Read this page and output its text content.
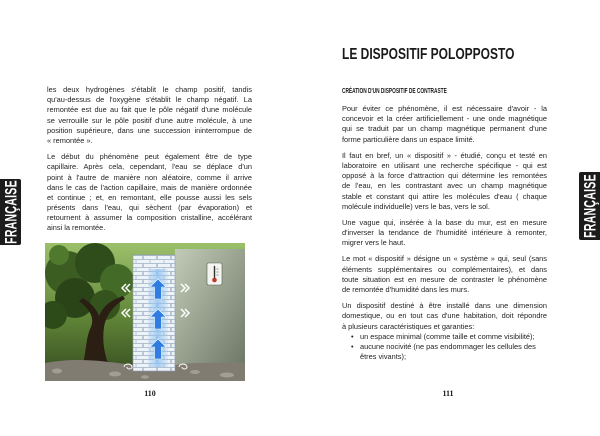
FRANÇAISE
les deux hydrogènes s'établit le champ positif, tandis
qu'au-dessus de l'oxygène s'établit le champ négatif. La
remontée est due au fait que le pôle négatif d'une molécule
se verrouille sur le pôle positif d'une autre molécule, à une
position supérieure, dans une succession ininterrompue de
« remontée ».
Le début du phénomène peut également être de type
capillaire. Après cela, cependant, l'eau se déplace d'un
point à l'autre de manière non aléatoire, comme il arrive
dans le cas de l'action capillaire, mais de manière ordonnée
et continue ; et, en remontant, elle pousse aussi les sels
présents dans l'eau, qui sèchent (par évaporation) et
retournent à assumer la composition cristalline, accélérant
ainsi la remontée.
110
LE DISPOSITIF POLOPPOSTO
CRÉATION D'UN DISPOSITIF DE CONTRASTE
Pour éviter ce phénomène, il est nécessaire d'avoir - la
concevoir et la créer artificiellement - une onde magnétique
qui se traduit par un champ magnétique permanent d'une
forme particulière dans un espace limité.
Il faut en bref, un « dispositif » - étudié, conçu et testé en
laboratoire en utilisant une recherche spécifique - qui est
opposé à la force d'attraction qui détermine les remontées
de l'eau, en les contrastant avec un champ magnétique
stable et constant qui attire les molécules d'eau ( chaque
molécule individuelle) vers le bas, vers le sol.
Une vague qui, insérée à la base du mur, est en mesure
d'inverser la tendance de l'humidité intérieure à remonter,
migrer vers le haut.
Le mot « dispositif » désigne un « système » qui, seul (sans
éléments supplémentaires ou complémentaires), et dans
toute situation est en mesure de contraster le phénomène
de remontée d'humidité dans les murs.
Un dispositif destiné à être installé dans une dimension
domestique, ou en tout cas d'une habitation, doit répondre
à plusieurs caractéristiques et garanties:
• un espace minimal (comme taille et comme visibilité);
• aucune nocivité (ne pas endommager les cellules des
êtres vivants);
FRANÇAISE
111
